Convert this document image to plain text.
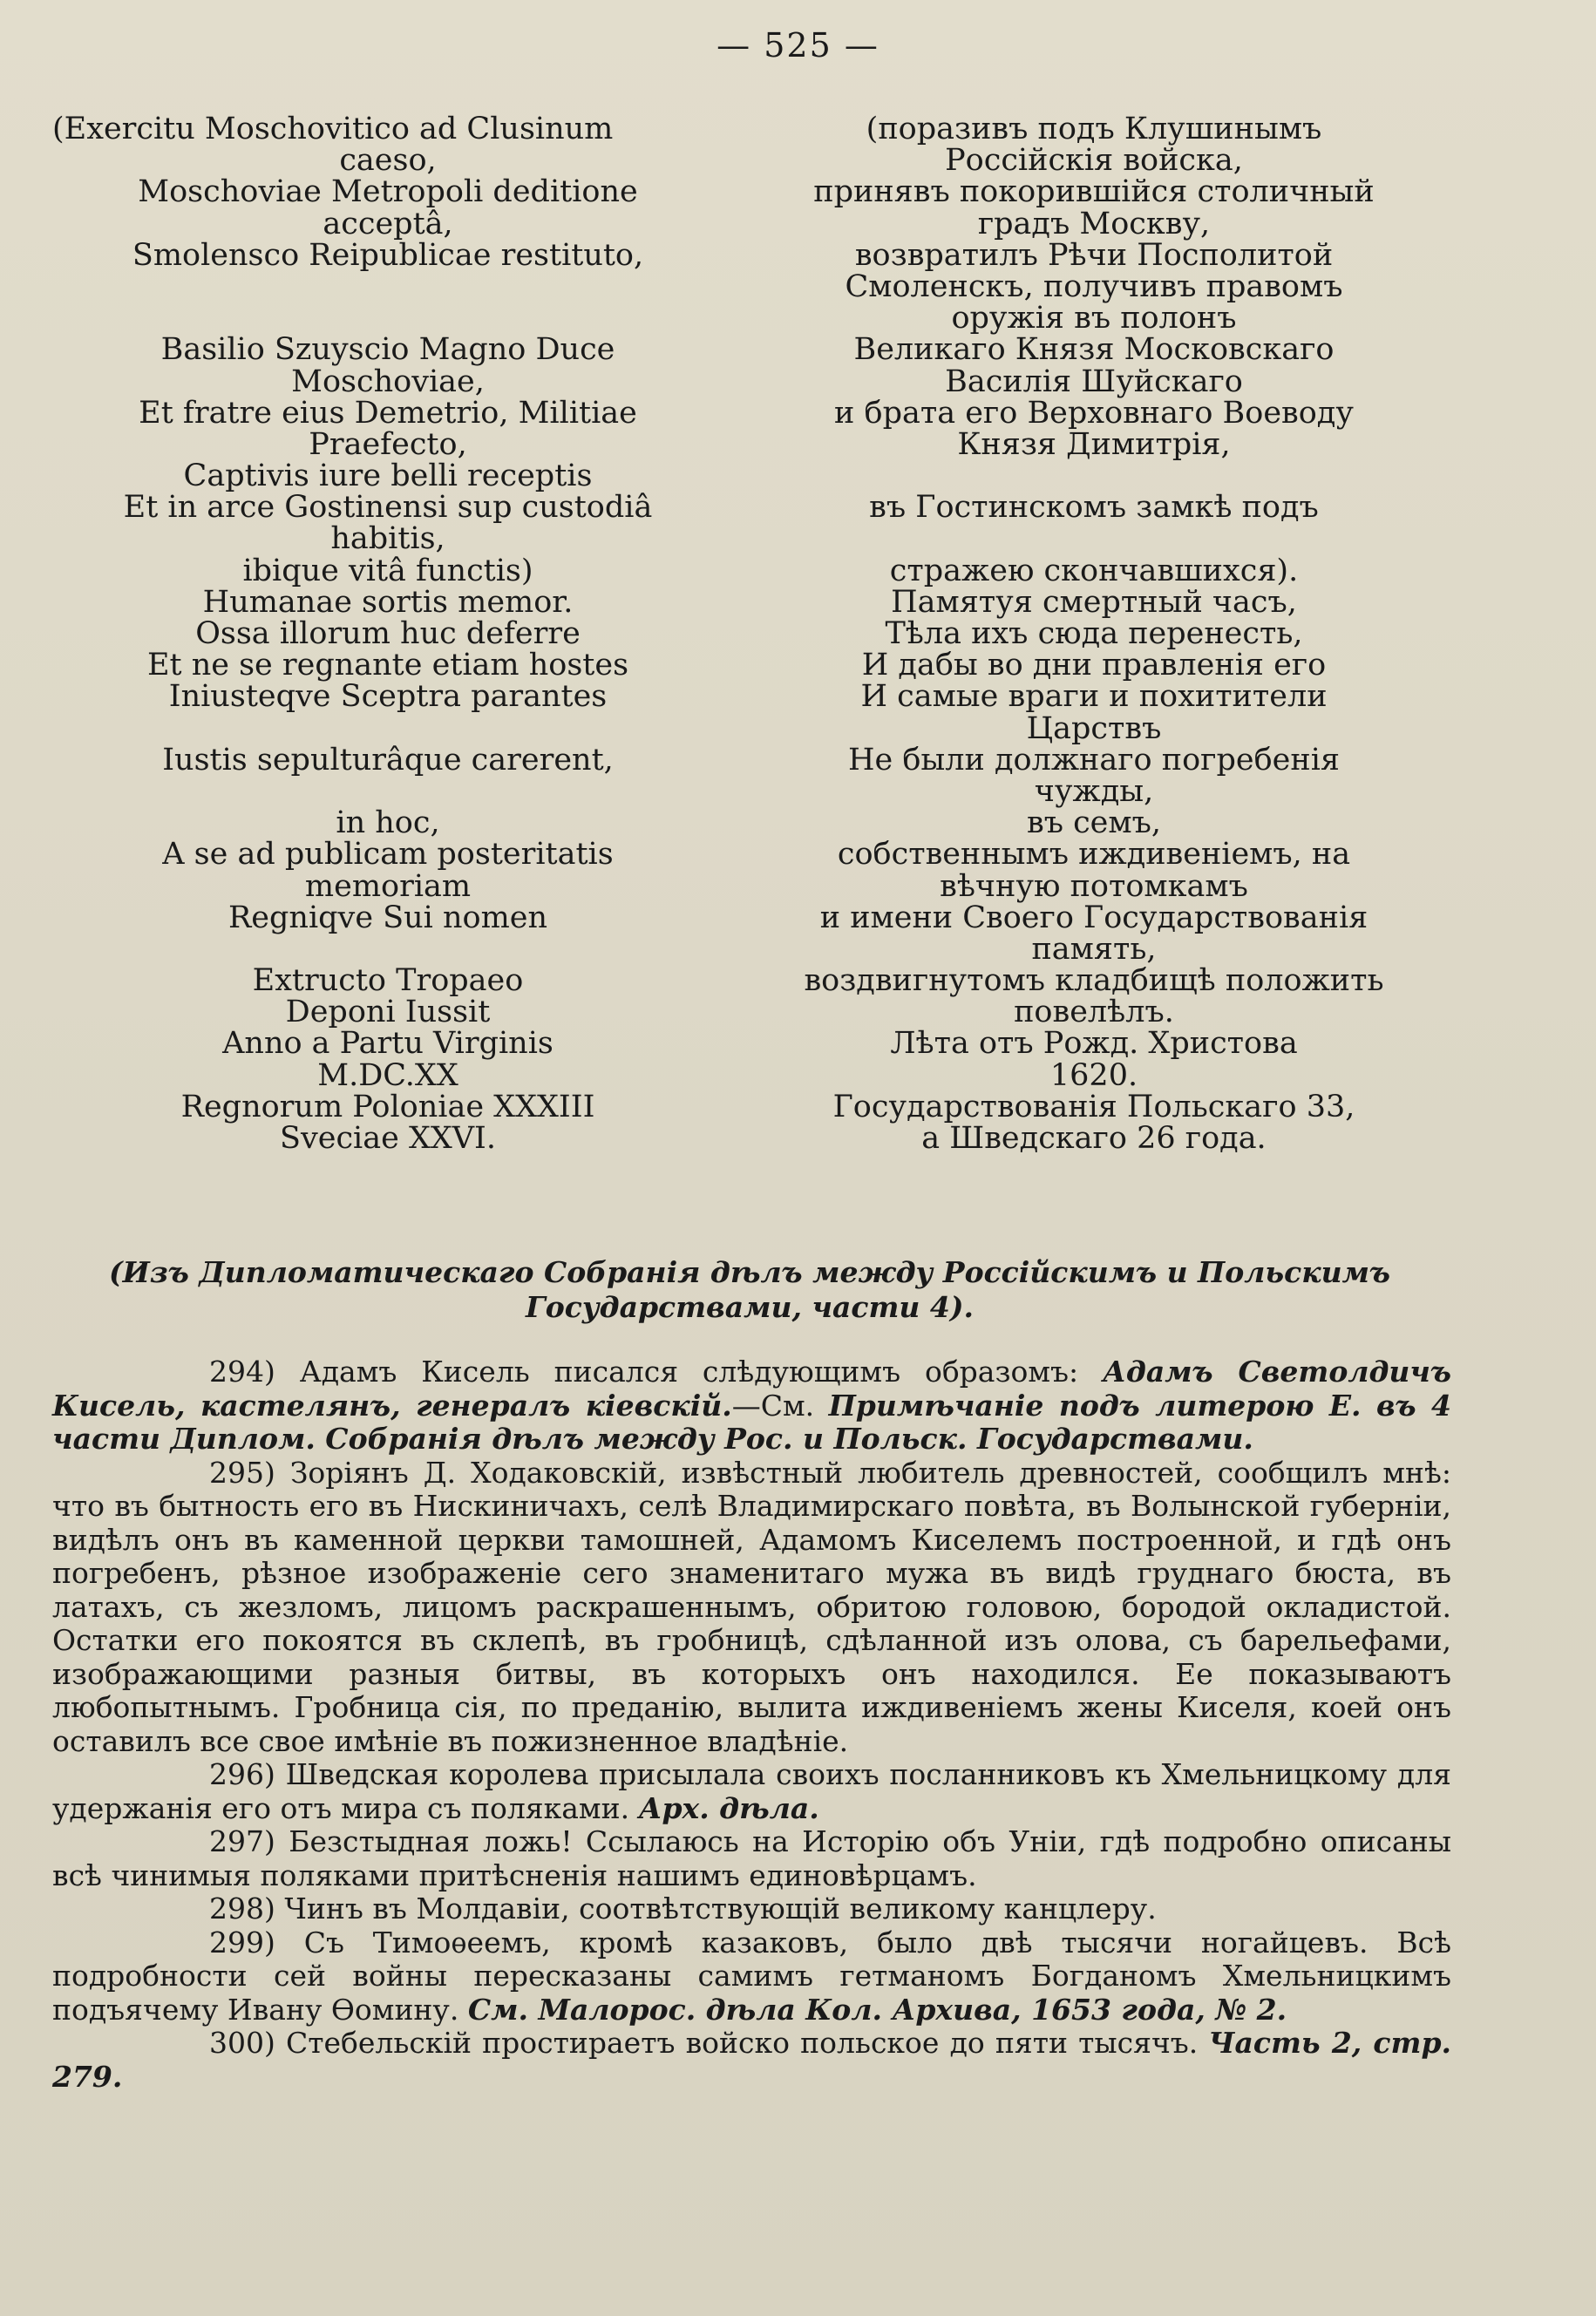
— 525 —
(Exercitu Moschovitico ad Clusinum
caeso,
Moschoviae Metropoli deditione
acceptâ,
Smolensco Reipublicae restituto,
Basilio Szuyscio Magno Duce
Moschoviae,
Et fratre eius Demetrio, Militiae
Praefecto,
Captivis iure belli receptis
Et in arce Gostinensi sup custodiâ
habitis,
ibique vitâ functis)
Humanae sortis memor.
Ossa illorum huc deferre
Et ne se regnante etiam hostes
Iniusteqve Sceptra parantes
Iustis sepulturâque carerent,
in hoc,
A se ad publicam posteritatis
memoriam
Regniqve Sui nomen
Extructo Tropaeo
Deponi Iussit
Anno a Partu Virginis
M.DC.XX
Regnorum Poloniae XXXIII
Sveciae XXVI.
(поразивъ подъ Клушинымъ
Россійскія войска,
принявъ покорившійся столичный
градъ Москву,
возвратилъ Рѣчи Посполитой
Смоленскъ, получивъ правомъ
оружія въ полонъ
Великаго Князя Московскаго
Василія Шуйскаго
и брата его Верховнаго Воеводу
Князя Димитрія,
въ Гостинскомъ замкѣ подъ
стражею скончавшихся).
Памятуя смертный часъ,
Тѣла ихъ сюда перенесть,
И дабы во дни правленія его
И самые враги и похитители
Царствъ
Не были должнаго погребенія
чужды,
въ семъ,
собственнымъ иждивеніемъ, на
вѣчную потомкамъ
и имени Своего Государствованія
память,
воздвигнутомъ кладбищѣ положить
повелѣлъ.
Лѣта отъ Рожд. Христова
1620.
Государствованія Польскаго 33,
а Шведскаго 26 года.
(Изъ Дипломатическаго Собранія дѣлъ между Россійскимъ и Польскимъ Государствами, части 4).

294) Адамъ Кисель писался слѣдующимъ образомъ: Адамъ Светолдичъ Кисель, кастелянъ, генералъ кіевскій.—См. Примѣчаніе подъ литерою Е. въ 4 части Диплом. Собранія дѣлъ между Рос. и Польск. Государствами.

295) Зоріянъ Д. Ходаковскій, извѣстный любитель древностей, сообщилъ мнѣ: что въ бытность его въ Нискиничахъ, селѣ Владимирскаго повѣта, въ Волынской губерніи, видѣлъ онъ въ каменной церкви тамошней, Адамомъ Киселемъ построенной, и гдѣ онъ погребенъ, рѣзное изображеніе сего знаменитаго мужа въ видѣ груднаго бюста, въ латахъ, съ жезломъ, лицомъ раскрашеннымъ, обритою головою, бородой окладистой. Остатки его покоятся въ склепѣ, въ гробницѣ, сдѣланной изъ олова, съ барельефами, изображающими разныя битвы, въ которыхъ онъ находился. Ее показываютъ любопытнымъ. Гробница сія, по преданію, вылита иждивеніемъ жены Киселя, коей онъ оставилъ все свое имѣніе въ пожизненное владѣніе.

296) Шведская королева присылала своихъ посланниковъ къ Хмельницкому для удержанія его отъ мира съ поляками. Арх. дѣла.

297) Безстыдная ложь! Ссылаюсь на Исторію объ Уніи, гдѣ подробно описаны всѣ чинимыя поляками притѣсненія нашимъ единовѣрцамъ.

298) Чинъ въ Молдавіи, соотвѣтствующій великому канцлеру.

299) Съ Тимоѳеемъ, кромѣ казаковъ, было двѣ тысячи ногайцевъ. Всѣ подробности сей войны пересказаны самимъ гетманомъ Богданомъ Хмельницкимъ подъячему Ивану Ѳомину. См. Малорос. дѣла Кол. Архива, 1653 года, № 2.

300) Стебельскій простираетъ войско польское до пяти тысячъ. Часть 2, стр. 279.
